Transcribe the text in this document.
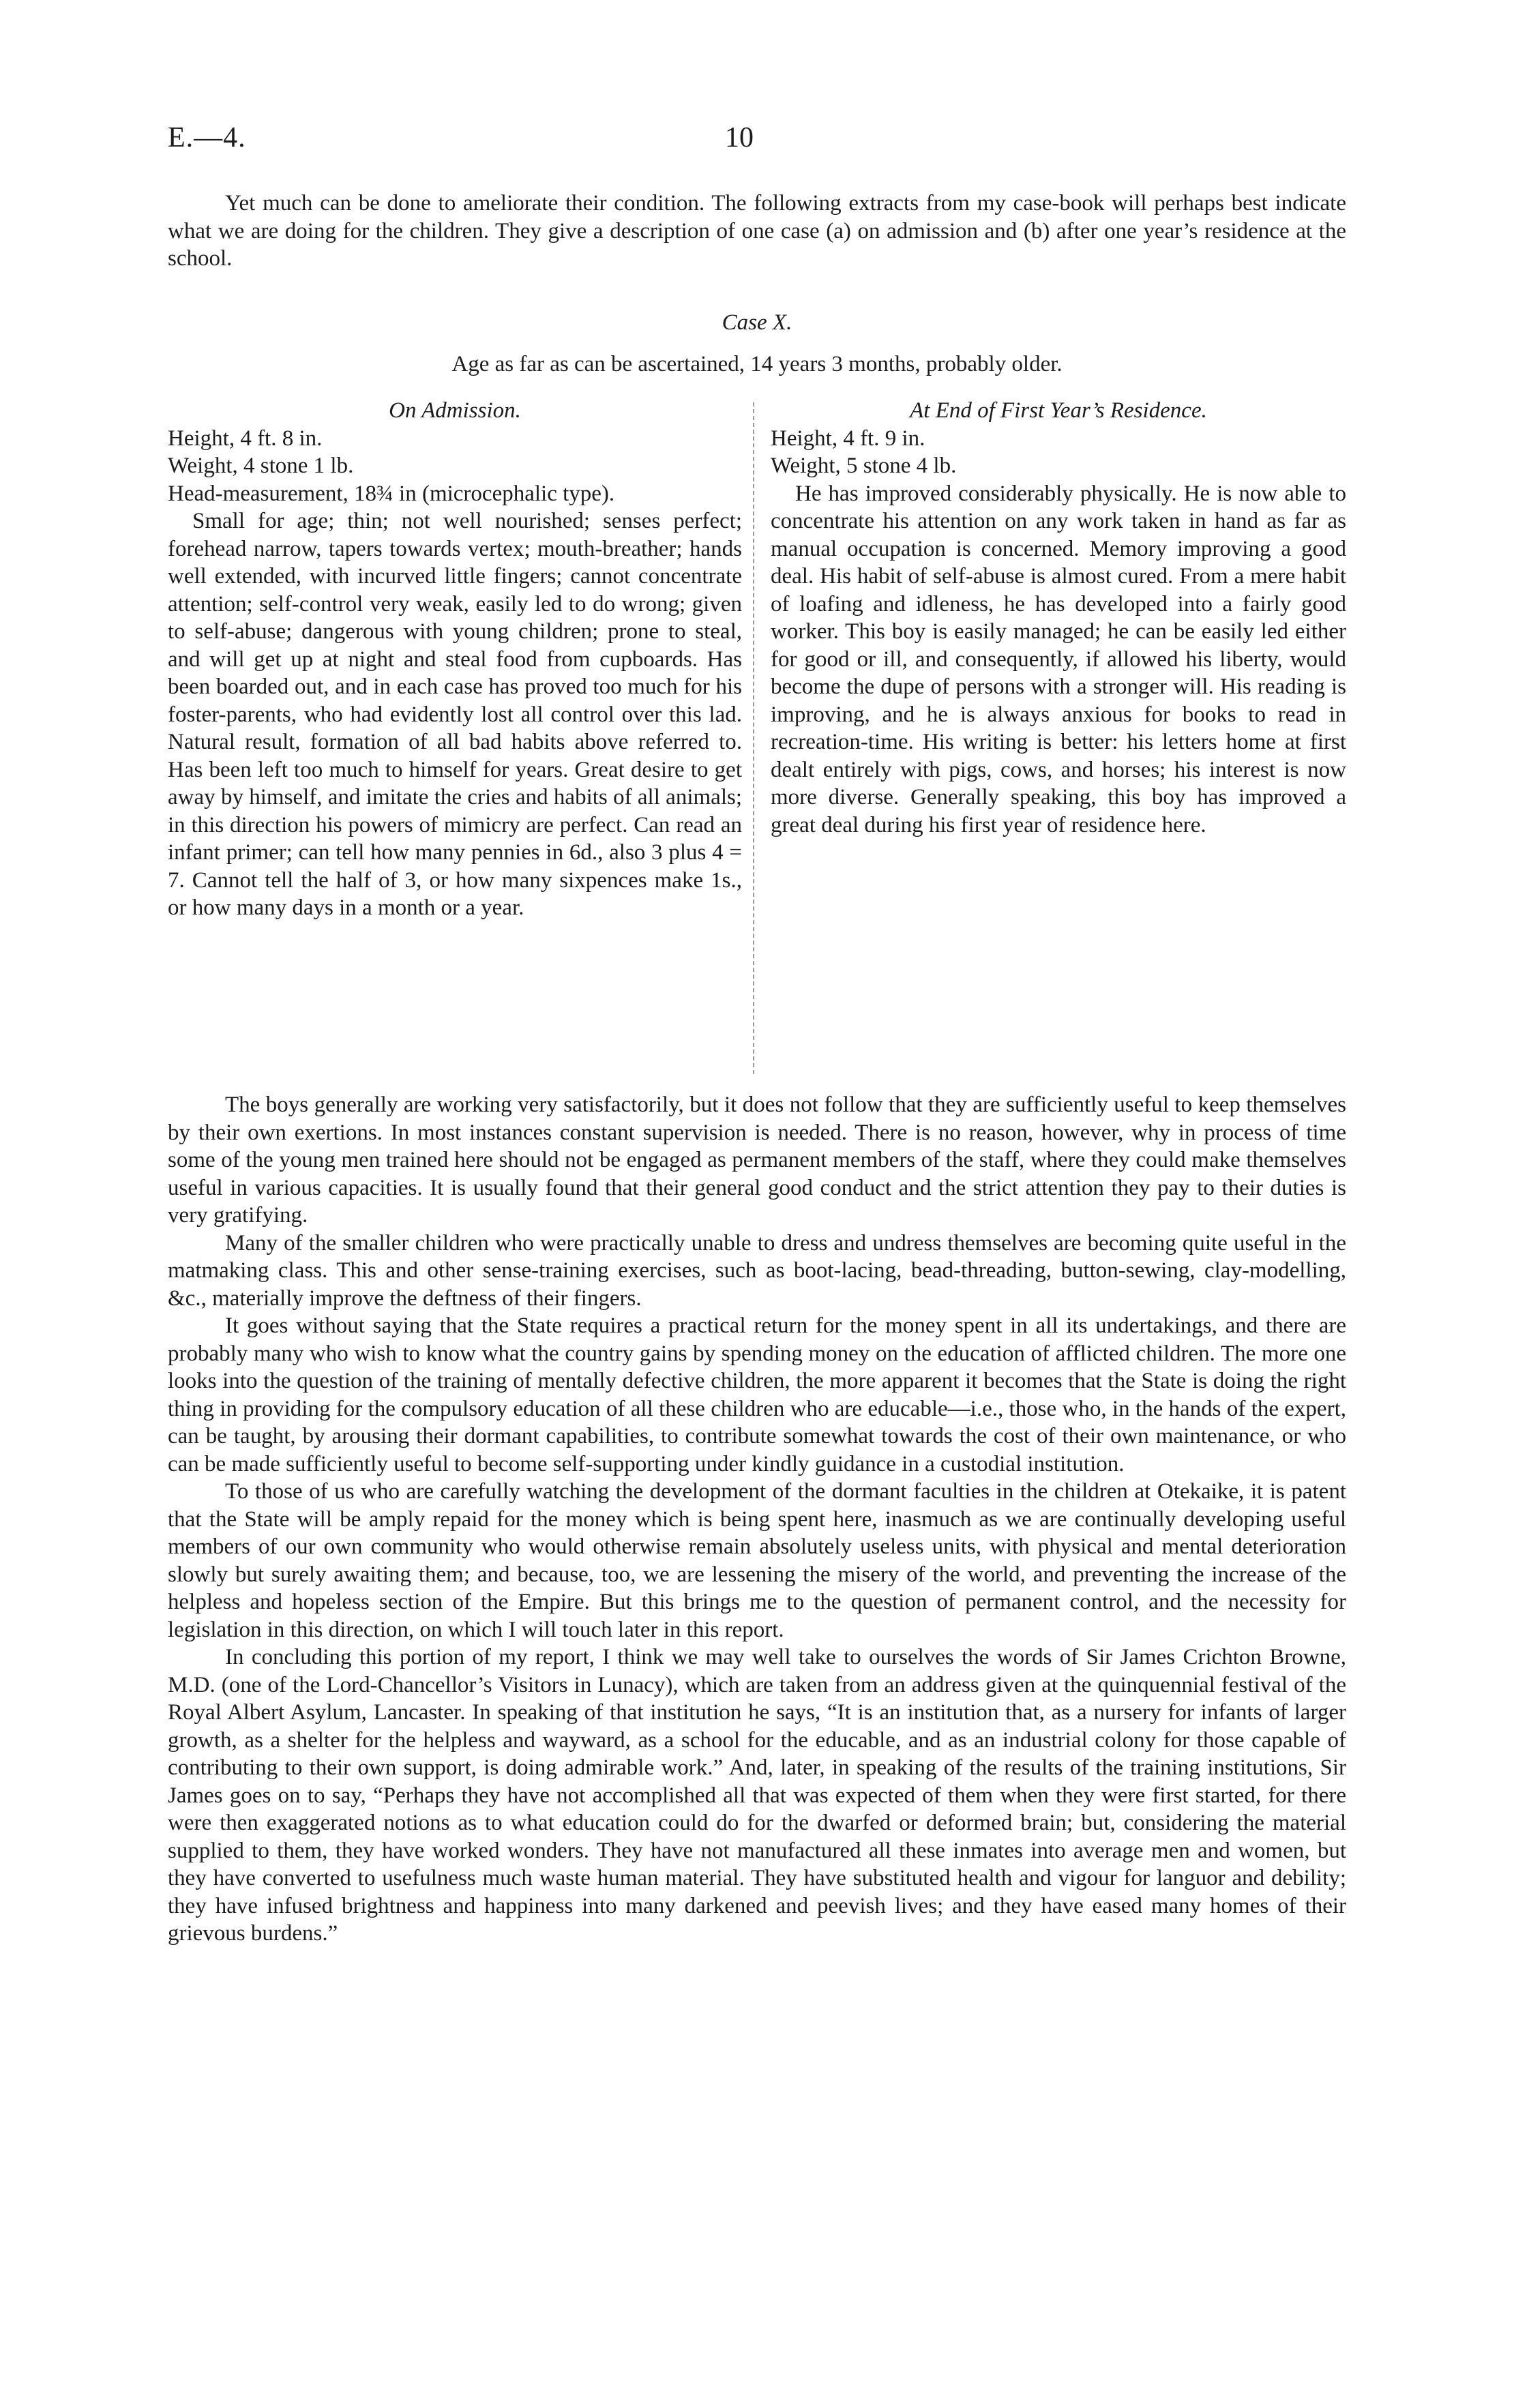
E.—4.	10

Yet much can be done to ameliorate their condition. The following extracts from my case-book will perhaps best indicate what we are doing for the children. They give a description of one case (a) on admission and (b) after one year’s residence at the school.

Case X.
Age as far as can be ascertained, 14 years 3 months, probably older.

On Admission.

Height, 4 ft. 8 in.

Weight, 4 stone 1 lb.

Head-measurement, 18¾ in (microcephalic type).

Small for age; thin; not well nourished; senses perfect; forehead narrow, tapers towards vertex; mouth-breather; hands well extended, with incurved little fingers; cannot concentrate attention; self-control very weak, easily led to do wrong; given to self-abuse; dangerous with young children; prone to steal, and will get up at night and steal food from cupboards. Has been boarded out, and in each case has proved too much for his foster-parents, who had evidently lost all control over this lad. Natural result, formation of all bad habits above referred to. Has been left too much to himself for years. Great desire to get away by himself, and imitate the cries and habits of all animals; in this direction his powers of mimicry are perfect. Can read an infant primer; can tell how many pennies in 6d., also 3 plus 4 = 7. Cannot tell the half of 3, or how many sixpences make 1s., or how many days in a month or a year.

At End of First Year’s Residence.

Height, 4 ft. 9 in.

Weight, 5 stone 4 lb.

He has improved considerably physically. He is now able to concentrate his attention on any work taken in hand as far as manual occupation is concerned. Memory improving a good deal. His habit of self-abuse is almost cured. From a mere habit of loafing and idleness, he has developed into a fairly good worker. This boy is easily managed; he can be easily led either for good or ill, and consequently, if allowed his liberty, would become the dupe of persons with a stronger will. His reading is improving, and he is always anxious for books to read in recreation-time. His writing is better: his letters home at first dealt entirely with pigs, cows, and horses; his interest is now more diverse. Generally speaking, this boy has improved a great deal during his first year of residence here.

The boys generally are working very satisfactorily, but it does not follow that they are sufficiently useful to keep themselves by their own exertions. In most instances constant supervision is needed. There is no reason, however, why in process of time some of the young men trained here should not be engaged as permanent members of the staff, where they could make themselves useful in various capacities. It is usually found that their general good conduct and the strict attention they pay to their duties is very gratifying.

Many of the smaller children who were practically unable to dress and undress themselves are becoming quite useful in the matmaking class. This and other sense-training exercises, such as boot-lacing, bead-threading, button-sewing, clay-modelling, &c., materially improve the deftness of their fingers.

It goes without saying that the State requires a practical return for the money spent in all its undertakings, and there are probably many who wish to know what the country gains by spending money on the education of afflicted children. The more one looks into the question of the training of mentally defective children, the more apparent it becomes that the State is doing the right thing in providing for the compulsory education of all these children who are educable—i.e., those who, in the hands of the expert, can be taught, by arousing their dormant capabilities, to contribute somewhat towards the cost of their own maintenance, or who can be made sufficiently useful to become self-supporting under kindly guidance in a custodial institution.

To those of us who are carefully watching the development of the dormant faculties in the children at Otekaike, it is patent that the State will be amply repaid for the money which is being spent here, inasmuch as we are continually developing useful members of our own community who would otherwise remain absolutely useless units, with physical and mental deterioration slowly but surely awaiting them; and because, too, we are lessening the misery of the world, and preventing the increase of the helpless and hopeless section of the Empire. But this brings me to the question of permanent control, and the necessity for legislation in this direction, on which I will touch later in this report.

In concluding this portion of my report, I think we may well take to ourselves the words of Sir James Crichton Browne, M.D. (one of the Lord-Chancellor’s Visitors in Lunacy), which are taken from an address given at the quinquennial festival of the Royal Albert Asylum, Lancaster. In speaking of that institution he says, “It is an institution that, as a nursery for infants of larger growth, as a shelter for the helpless and wayward, as a school for the educable, and as an industrial colony for those capable of contributing to their own support, is doing admirable work.” And, later, in speaking of the results of the training institutions, Sir James goes on to say, “Perhaps they have not accomplished all that was expected of them when they were first started, for there were then exaggerated notions as to what education could do for the dwarfed or deformed brain; but, considering the material supplied to them, they have worked wonders. They have not manufactured all these inmates into average men and women, but they have converted to usefulness much waste human material. They have substituted health and vigour for languor and debility; they have infused brightness and happiness into many darkened and peevish lives; and they have eased many homes of their grievous burdens.”
